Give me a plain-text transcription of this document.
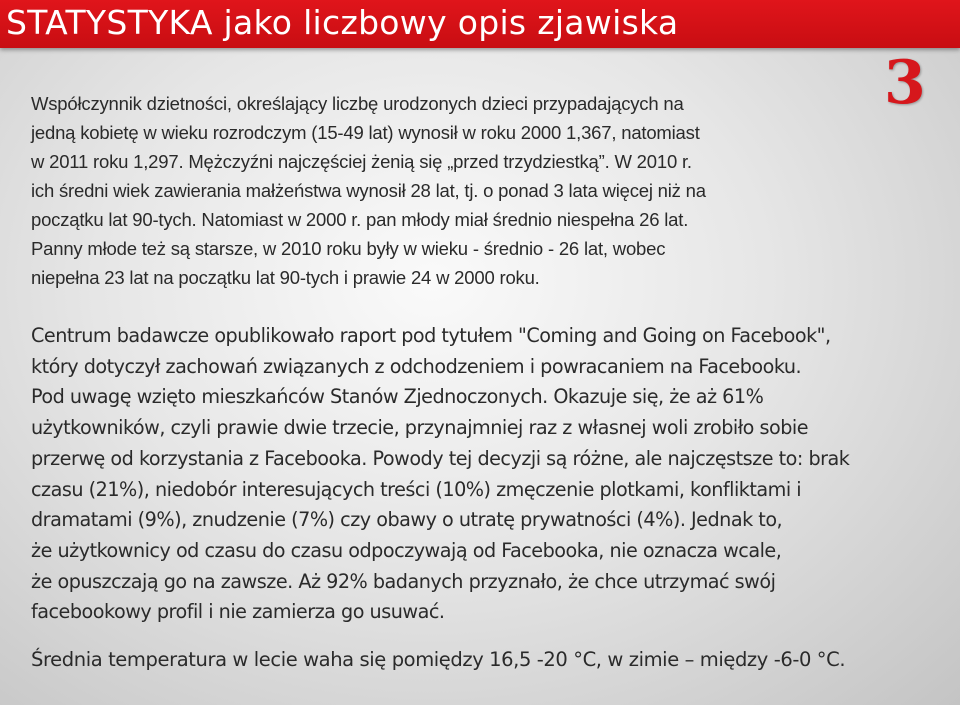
STATYSTYKA jako liczbowy opis zjawiska
3
Współczynnik dzietności, określający liczbę urodzonych dzieci przypadających na
jedną kobietę w wieku rozrodczym (15-49 lat) wynosił w roku 2000 1,367, natomiast
w 2011 roku 1,297. Mężczyźni najczęściej żenią się „przed trzydziestką”. W 2010 r.
ich średni wiek zawierania małżeństwa wynosił 28 lat, tj. o ponad 3 lata więcej niż na
początku lat 90-tych. Natomiast w 2000 r. pan młody miał średnio niespełna 26 lat.
Panny młode też są starsze, w 2010 roku były w wieku - średnio - 26 lat, wobec
niepełna 23 lat na początku lat 90-tych i prawie 24 w 2000 roku.
Centrum badawcze opublikowało raport pod tytułem "Coming and Going on Facebook",
który dotyczył zachowań związanych z odchodzeniem i powracaniem na Facebooku.
Pod uwagę wzięto mieszkańców Stanów Zjednoczonych. Okazuje się, że aż 61%
użytkowników, czyli prawie dwie trzecie, przynajmniej raz z własnej woli zrobiło sobie
przerwę od korzystania z Facebooka. Powody tej decyzji są różne, ale najczęstsze to: brak
czasu (21%), niedobór interesujących treści (10%) zmęczenie plotkami, konfliktami i
dramatami (9%), znudzenie (7%) czy obawy o utratę prywatności (4%). Jednak to,
że użytkownicy od czasu do czasu odpoczywają od Facebooka, nie oznacza wcale,
że opuszczają go na zawsze. Aż 92% badanych przyznało, że chce utrzymać swój
facebookowy profil i nie zamierza go usuwać.
Średnia temperatura w lecie waha się pomiędzy 16,5 -20 °C, w zimie – między -6-0 °C.
